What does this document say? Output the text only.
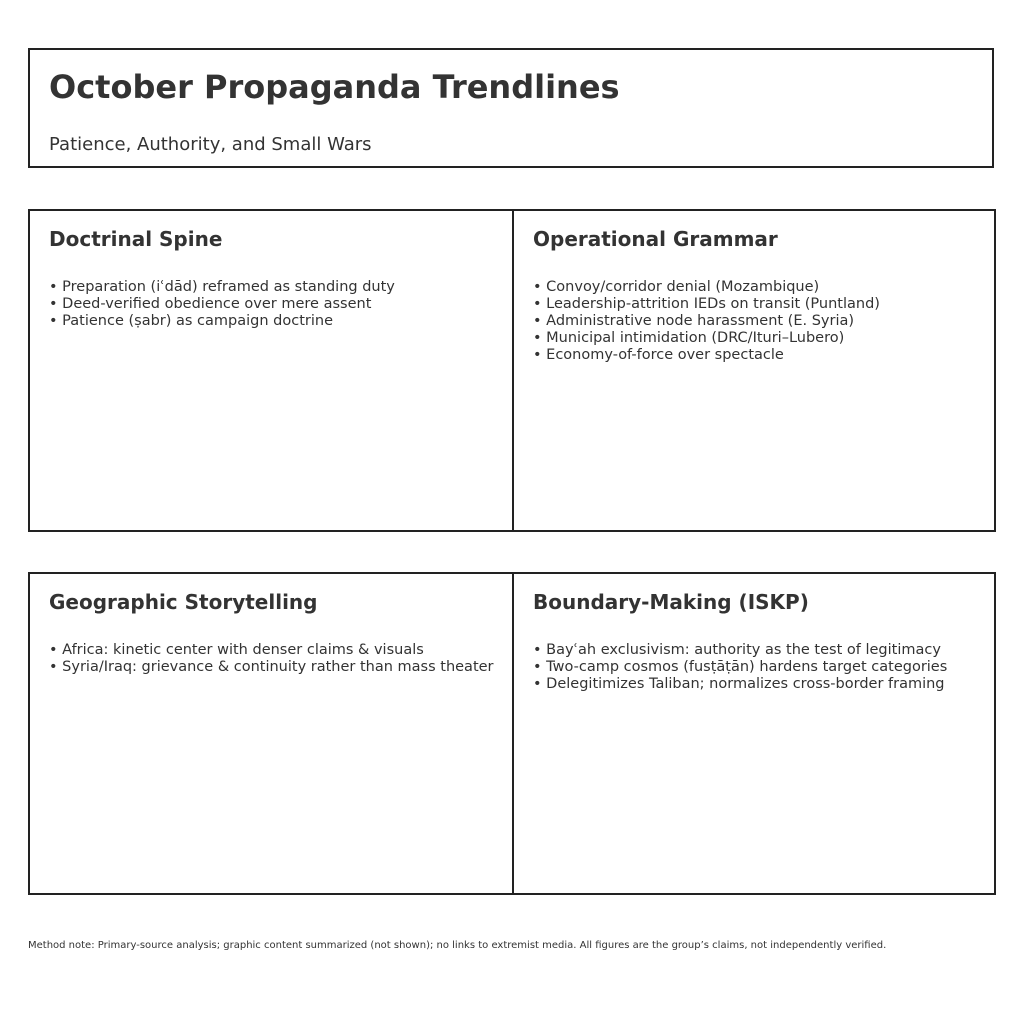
October Propaganda Trendlines

Patience, Authority, and Small Wars

Doctrinal Spine
• Preparation (iʿdād) reframed as standing duty
• Deed-verified obedience over mere assent
• Patience (ṣabr) as campaign doctrine
Operational Grammar
• Convoy/corridor denial (Mozambique)
• Leadership-attrition IEDs on transit (Puntland)
• Administrative node harassment (E. Syria)
• Municipal intimidation (DRC/Ituri–Lubero)
• Economy-of-force over spectacle
Geographic Storytelling
• Africa: kinetic center with denser claims & visuals
• Syria/Iraq: grievance & continuity rather than mass theater
Boundary-Making (ISKP)
• Bayʿah exclusivism: authority as the test of legitimacy
• Two-camp cosmos (fusṭāṭān) hardens target categories
• Delegitimizes Taliban; normalizes cross-border framing

Method note: Primary-source analysis; graphic content summarized (not shown); no links to extremist media. All figures are the group’s claims, not independently verified.
